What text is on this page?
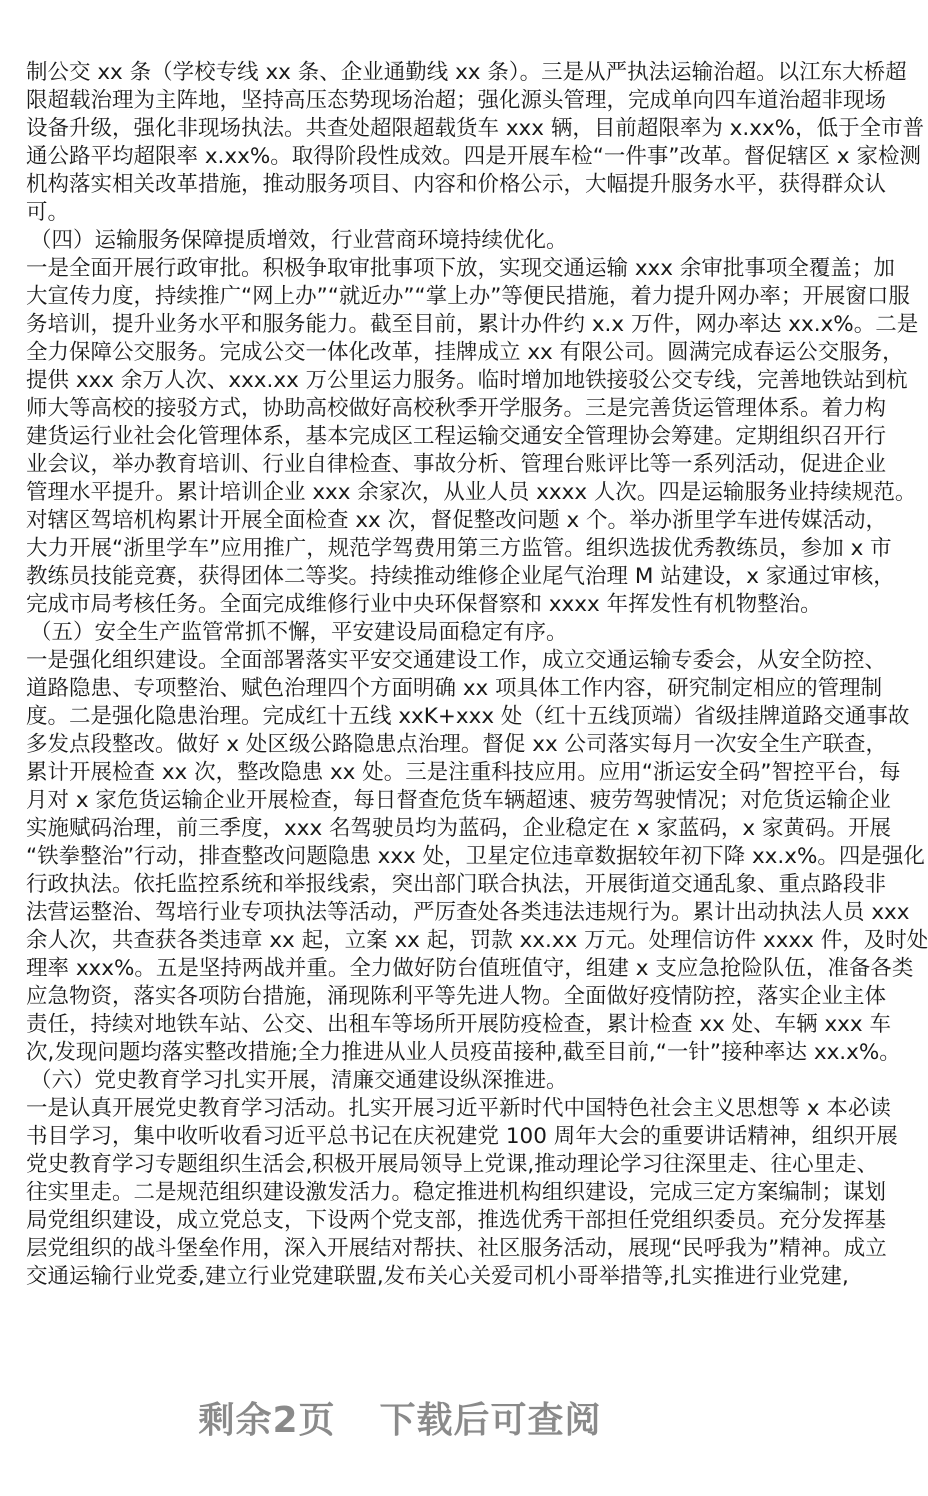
制公交 xx 条（学校专线 xx 条、企业通勤线 xx 条）。三是从严执法运输治超。以江东大桥超
限超载治理为主阵地，坚持高压态势现场治超；强化源头管理，完成单向四车道治超非现场
设备升级，强化非现场执法。共查处超限超载货车 xxx 辆，目前超限率为 x.xx%，低于全市普
通公路平均超限率 x.xx%。取得阶段性成效。四是开展车检“一件事”改革。督促辖区 x 家检测
机构落实相关改革措施，推动服务项目、内容和价格公示，大幅提升服务水平，获得群众认
可。
（四）运输服务保障提质增效，行业营商环境持续优化。
一是全面开展行政审批。积极争取审批事项下放，实现交通运输 xxx 余审批事项全覆盖；加
大宣传力度，持续推广“网上办”“就近办”“掌上办”等便民措施，着力提升网办率；开展窗口服
务培训，提升业务水平和服务能力。截至目前，累计办件约 x.x 万件，网办率达 xx.x%。二是
全力保障公交服务。完成公交一体化改革，挂牌成立 xx 有限公司。圆满完成春运公交服务，
提供 xxx 余万人次、xxx.xx 万公里运力服务。临时增加地铁接驳公交专线，完善地铁站到杭
师大等高校的接驳方式，协助高校做好高校秋季开学服务。三是完善货运管理体系。着力构
建货运行业社会化管理体系，基本完成区工程运输交通安全管理协会筹建。定期组织召开行
业会议，举办教育培训、行业自律检查、事故分析、管理台账评比等一系列活动，促进企业
管理水平提升。累计培训企业 xxx 余家次，从业人员 xxxx 人次。四是运输服务业持续规范。
对辖区驾培机构累计开展全面检查 xx 次，督促整改问题 x 个。举办浙里学车进传媒活动，
大力开展“浙里学车”应用推广，规范学驾费用第三方监管。组织选拔优秀教练员，参加 x 市
教练员技能竞赛，获得团体二等奖。持续推动维修企业尾气治理 M 站建设，x 家通过审核，
完成市局考核任务。全面完成维修行业中央环保督察和 xxxx 年挥发性有机物整治。
（五）安全生产监管常抓不懈，平安建设局面稳定有序。
一是强化组织建设。全面部署落实平安交通建设工作，成立交通运输专委会，从安全防控、
道路隐患、专项整治、赋色治理四个方面明确 xx 项具体工作内容，研究制定相应的管理制
度。二是强化隐患治理。完成红十五线 xxK+xxx 处（红十五线顶端）省级挂牌道路交通事故
多发点段整改。做好 x 处区级公路隐患点治理。督促 xx 公司落实每月一次安全生产联查，
累计开展检查 xx 次，整改隐患 xx 处。三是注重科技应用。应用“浙运安全码”智控平台，每
月对 x 家危货运输企业开展检查，每日督查危货车辆超速、疲劳驾驶情况；对危货运输企业
实施赋码治理，前三季度，xxx 名驾驶员均为蓝码，企业稳定在 x 家蓝码，x 家黄码。开展
“铁拳整治”行动，排查整改问题隐患 xxx 处，卫星定位违章数据较年初下降 xx.x%。四是强化
行政执法。依托监控系统和举报线索，突出部门联合执法，开展街道交通乱象、重点路段非
法营运整治、驾培行业专项执法等活动，严厉查处各类违法违规行为。累计出动执法人员 xxx
余人次，共查获各类违章 xx 起，立案 xx 起，罚款 xx.xx 万元。处理信访件 xxxx 件，及时处
理率 xxx%。五是坚持两战并重。全力做好防台值班值守，组建 x 支应急抢险队伍，准备各类
应急物资，落实各项防台措施，涌现陈利平等先进人物。全面做好疫情防控，落实企业主体
责任，持续对地铁车站、公交、出租车等场所开展防疫检查，累计检查 xx 处、车辆 xxx 车
次,发现问题均落实整改措施;全力推进从业人员疫苗接种,截至目前,“一针”接种率达 xx.x%。
（六）党史教育学习扎实开展，清廉交通建设纵深推进。
一是认真开展党史教育学习活动。扎实开展习近平新时代中国特色社会主义思想等 x 本必读
书目学习，集中收听收看习近平总书记在庆祝建党 100 周年大会的重要讲话精神，组织开展
党史教育学习专题组织生活会,积极开展局领导上党课,推动理论学习往深里走、往心里走、
往实里走。二是规范组织建设激发活力。稳定推进机构组织建设，完成三定方案编制；谋划
局党组织建设，成立党总支，下设两个党支部，推选优秀干部担任党组织委员。充分发挥基
层党组织的战斗堡垒作用，深入开展结对帮扶、社区服务活动，展现“民呼我为”精神。成立
交通运输行业党委,建立行业党建联盟,发布关心关爱司机小哥举措等,扎实推进行业党建,
剩余2页 下载后可查阅
